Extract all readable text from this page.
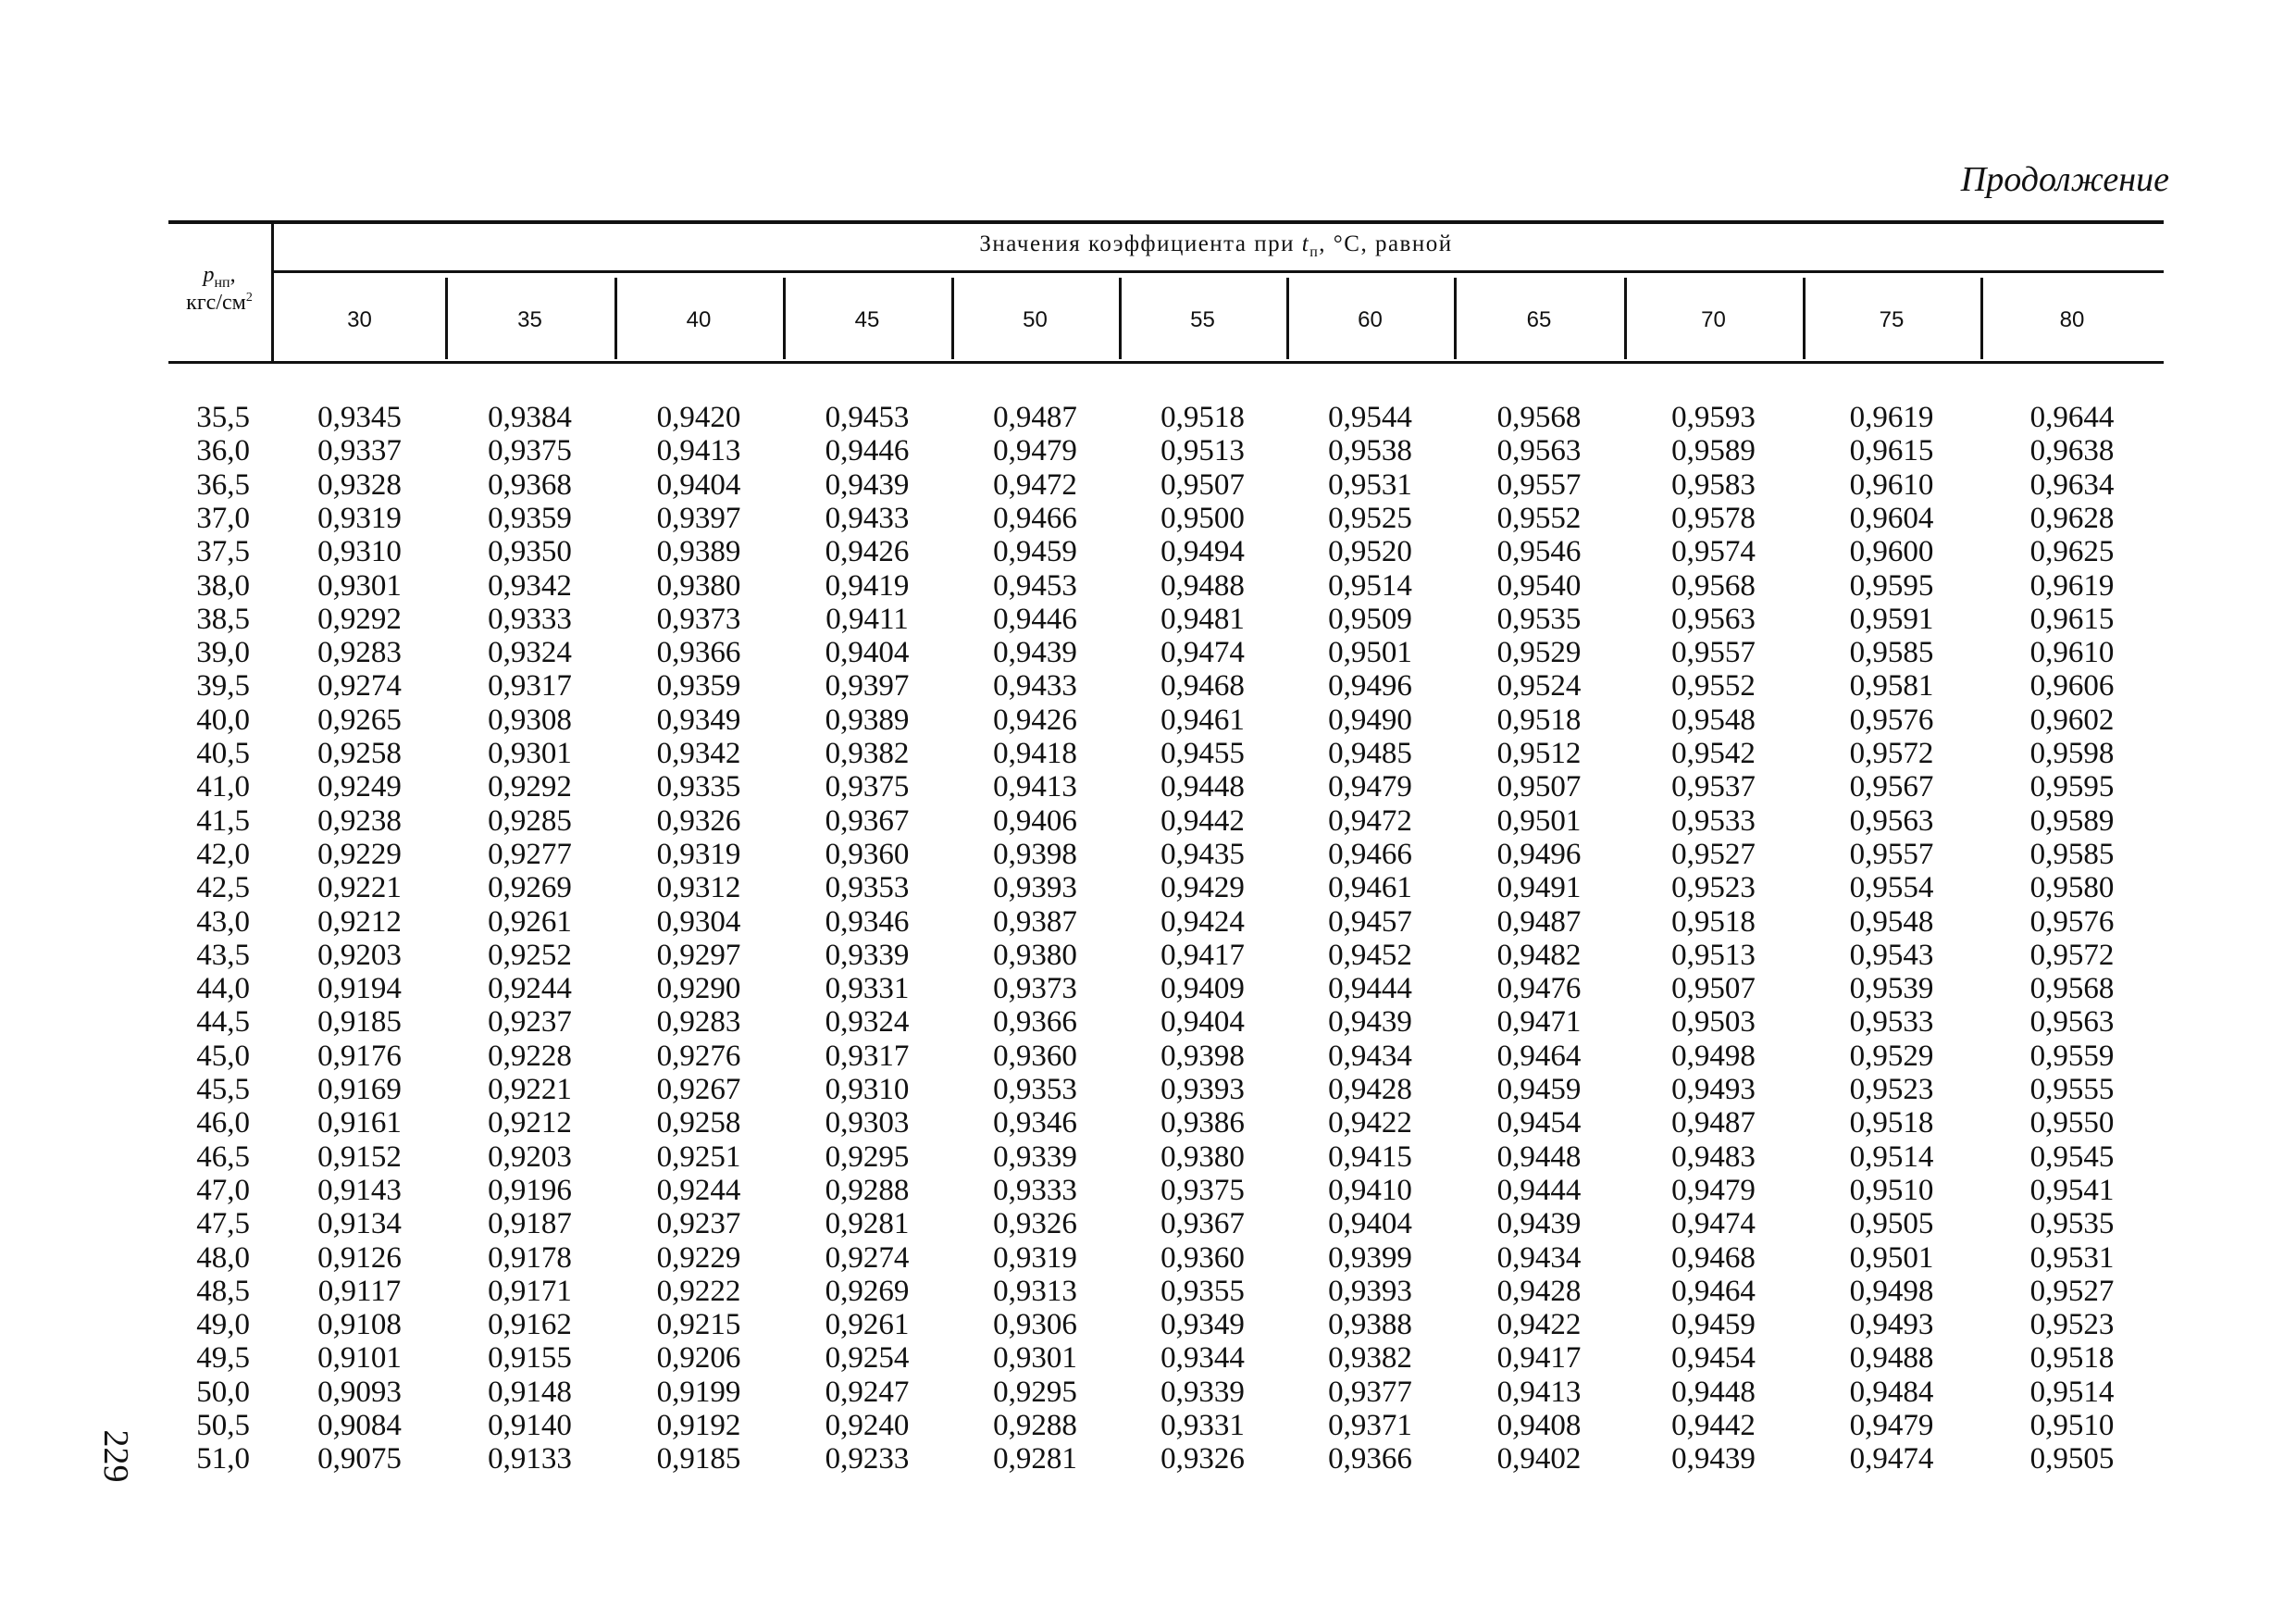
Продолжение
229
$p_{нп}$,
кгс/$см^2$
Значения коэффициента при $t_п$, °С, равной
30	35	40	45	50	55	60	65	70	75	80
35,5	0,9345	0,9384	0,9420	0,9453	0,9487	0,9518	0,9544	0,9568	0,9593	0,9619	0,9644
36,0	0,9337	0,9375	0,9413	0,9446	0,9479	0,9513	0,9538	0,9563	0,9589	0,9615	0,9638
36,5	0,9328	0,9368	0,9404	0,9439	0,9472	0,9507	0,9531	0,9557	0,9583	0,9610	0,9634
37,0	0,9319	0,9359	0,9397	0,9433	0,9466	0,9500	0,9525	0,9552	0,9578	0,9604	0,9628
37,5	0,9310	0,9350	0,9389	0,9426	0,9459	0,9494	0,9520	0,9546	0,9574	0,9600	0,9625
38,0	0,9301	0,9342	0,9380	0,9419	0,9453	0,9488	0,9514	0,9540	0,9568	0,9595	0,9619
38,5	0,9292	0,9333	0,9373	0,9411	0,9446	0,9481	0,9509	0,9535	0,9563	0,9591	0,9615
39,0	0,9283	0,9324	0,9366	0,9404	0,9439	0,9474	0,9501	0,9529	0,9557	0,9585	0,9610
39,5	0,9274	0,9317	0,9359	0,9397	0,9433	0,9468	0,9496	0,9524	0,9552	0,9581	0,9606
40,0	0,9265	0,9308	0,9349	0,9389	0,9426	0,9461	0,9490	0,9518	0,9548	0,9576	0,9602
40,5	0,9258	0,9301	0,9342	0,9382	0,9418	0,9455	0,9485	0,9512	0,9542	0,9572	0,9598
41,0	0,9249	0,9292	0,9335	0,9375	0,9413	0,9448	0,9479	0,9507	0,9537	0,9567	0,9595
41,5	0,9238	0,9285	0,9326	0,9367	0,9406	0,9442	0,9472	0,9501	0,9533	0,9563	0,9589
42,0	0,9229	0,9277	0,9319	0,9360	0,9398	0,9435	0,9466	0,9496	0,9527	0,9557	0,9585
42,5	0,9221	0,9269	0,9312	0,9353	0,9393	0,9429	0,9461	0,9491	0,9523	0,9554	0,9580
43,0	0,9212	0,9261	0,9304	0,9346	0,9387	0,9424	0,9457	0,9487	0,9518	0,9548	0,9576
43,5	0,9203	0,9252	0,9297	0,9339	0,9380	0,9417	0,9452	0,9482	0,9513	0,9543	0,9572
44,0	0,9194	0,9244	0,9290	0,9331	0,9373	0,9409	0,9444	0,9476	0,9507	0,9539	0,9568
44,5	0,9185	0,9237	0,9283	0,9324	0,9366	0,9404	0,9439	0,9471	0,9503	0,9533	0,9563
45,0	0,9176	0,9228	0,9276	0,9317	0,9360	0,9398	0,9434	0,9464	0,9498	0,9529	0,9559
45,5	0,9169	0,9221	0,9267	0,9310	0,9353	0,9393	0,9428	0,9459	0,9493	0,9523	0,9555
46,0	0,9161	0,9212	0,9258	0,9303	0,9346	0,9386	0,9422	0,9454	0,9487	0,9518	0,9550
46,5	0,9152	0,9203	0,9251	0,9295	0,9339	0,9380	0,9415	0,9448	0,9483	0,9514	0,9545
47,0	0,9143	0,9196	0,9244	0,9288	0,9333	0,9375	0,9410	0,9444	0,9479	0,9510	0,9541
47,5	0,9134	0,9187	0,9237	0,9281	0,9326	0,9367	0,9404	0,9439	0,9474	0,9505	0,9535
48,0	0,9126	0,9178	0,9229	0,9274	0,9319	0,9360	0,9399	0,9434	0,9468	0,9501	0,9531
48,5	0,9117	0,9171	0,9222	0,9269	0,9313	0,9355	0,9393	0,9428	0,9464	0,9498	0,9527
49,0	0,9108	0,9162	0,9215	0,9261	0,9306	0,9349	0,9388	0,9422	0,9459	0,9493	0,9523
49,5	0,9101	0,9155	0,9206	0,9254	0,9301	0,9344	0,9382	0,9417	0,9454	0,9488	0,9518
50,0	0,9093	0,9148	0,9199	0,9247	0,9295	0,9339	0,9377	0,9413	0,9448	0,9484	0,9514
50,5	0,9084	0,9140	0,9192	0,9240	0,9288	0,9331	0,9371	0,9408	0,9442	0,9479	0,9510
51,0	0,9075	0,9133	0,9185	0,9233	0,9281	0,9326	0,9366	0,9402	0,9439	0,9474	0,9505
